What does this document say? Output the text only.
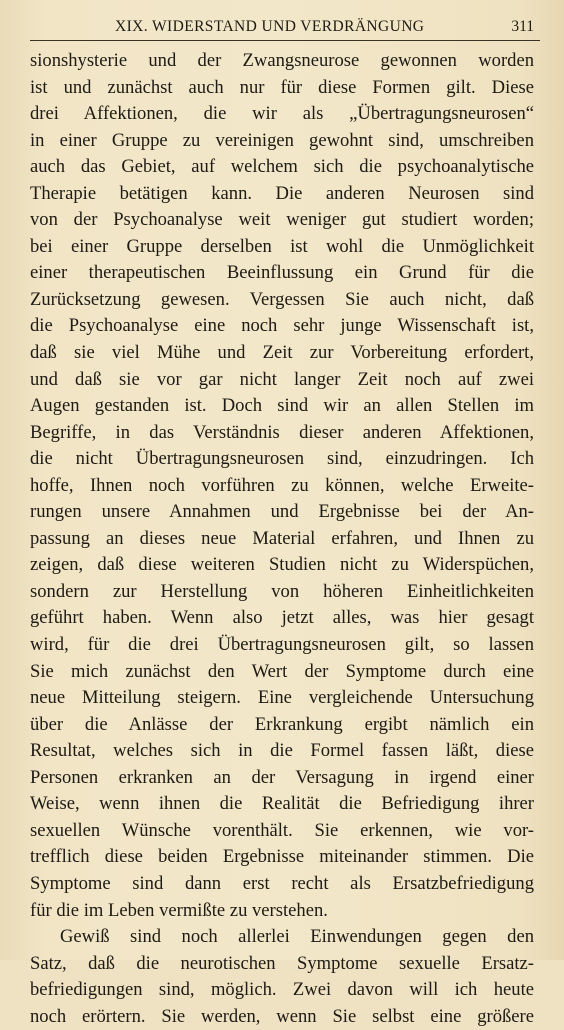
XIX. WIDERSTAND UND VERDRÄNGUNG	311
sionshysterie und der Zwangsneurose gewonnen worden
ist und zunächst auch nur für diese Formen gilt. Diese
drei Affektionen, die wir als „Übertragungsneurosen“
in einer Gruppe zu vereinigen gewohnt sind, umschreiben
auch das Gebiet, auf welchem sich die psychoanalytische
Therapie betätigen kann. Die anderen Neurosen sind
von der Psychoanalyse weit weniger gut studiert worden;
bei einer Gruppe derselben ist wohl die Unmöglichkeit
einer therapeutischen Beeinflussung ein Grund für die
Zurücksetzung gewesen. Vergessen Sie auch nicht, daß
die Psychoanalyse eine noch sehr junge Wissenschaft ist,
daß sie viel Mühe und Zeit zur Vorbereitung erfordert,
und daß sie vor gar nicht langer Zeit noch auf zwei
Augen gestanden ist. Doch sind wir an allen Stellen im
Begriffe, in das Verständnis dieser anderen Affektionen,
die nicht Übertragungsneurosen sind, einzudringen. Ich
hoffe, Ihnen noch vorführen zu können, welche Erweite-
rungen unsere Annahmen und Ergebnisse bei der An-
passung an dieses neue Material erfahren, und Ihnen zu
zeigen, daß diese weiteren Studien nicht zu Widerspüchen,
sondern zur Herstellung von höheren Einheitlichkeiten
geführt haben. Wenn also jetzt alles, was hier gesagt
wird, für die drei Übertragungsneurosen gilt, so lassen
Sie mich zunächst den Wert der Symptome durch eine
neue Mitteilung steigern. Eine vergleichende Untersuchung
über die Anlässe der Erkrankung ergibt nämlich ein
Resultat, welches sich in die Formel fassen läßt, diese
Personen erkranken an der Versagung in irgend einer
Weise, wenn ihnen die Realität die Befriedigung ihrer
sexuellen Wünsche vorenthält. Sie erkennen, wie vor-
trefflich diese beiden Ergebnisse miteinander stimmen. Die
Symptome sind dann erst recht als Ersatzbefriedigung
für die im Leben vermißte zu verstehen.
Gewiß sind noch allerlei Einwendungen gegen den
Satz, daß die neurotischen Symptome sexuelle Ersatz-
befriedigungen sind, möglich. Zwei davon will ich heute
noch erörtern. Sie werden, wenn Sie selbst eine größere
